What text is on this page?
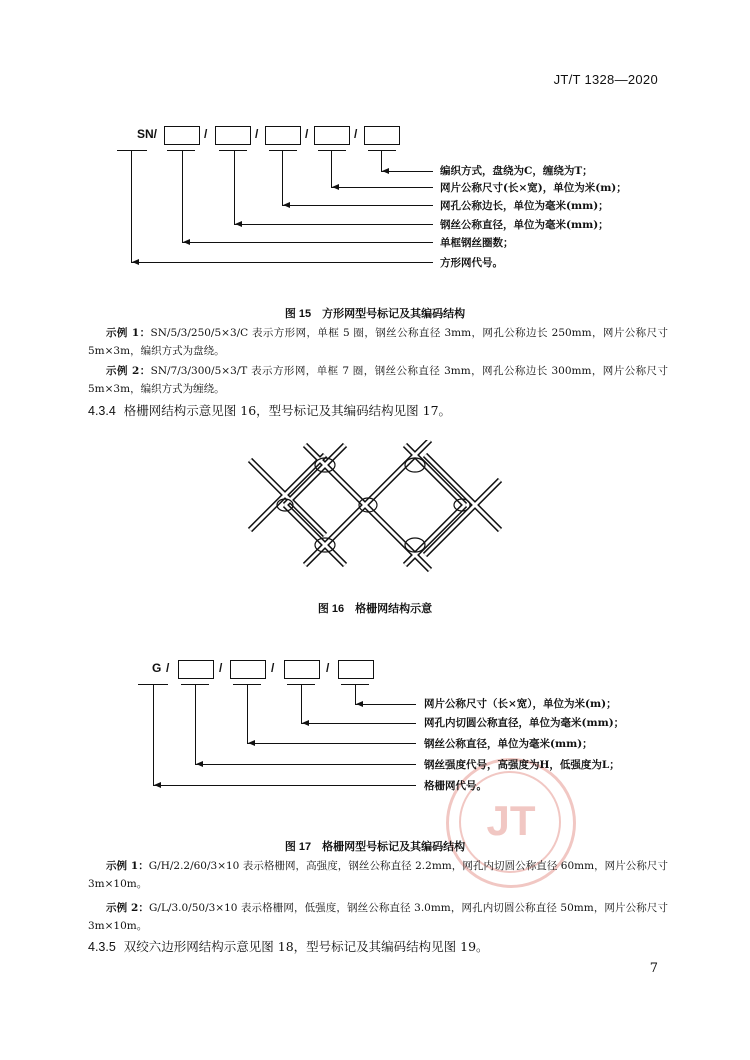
JT/T 1328—2020
SN/	/	/	/	/
编织方式，盘绕为C，缠绕为T；
网片公称尺寸(长×宽)，单位为米(m)；
网孔公称边长，单位为毫米(mm)；
钢丝公称直径，单位为毫米(mm)；
单框钢丝圈数；
方形网代号。
图 15　方形网型号标记及其编码结构
示例 1：SN/5/3/250/5×3/C 表示方形网，单框 5 圈，钢丝公称直径 3mm，网孔公称边长 250mm，网片公称尺寸 5m×3m，编织方式为盘绕。
示例 2：SN/7/3/300/5×3/T 表示方形网，单框 7 圈，钢丝公称直径 3mm，网孔公称边长 300mm，网片公称尺寸 5m×3m，编织方式为缠绕。
4.3.4 格栅网结构示意见图 16，型号标记及其编码结构见图 17。
图 16　格栅网结构示意
JT
G /	/	/	/
网片公称尺寸（长×宽），单位为米(m)；
网孔内切圆公称直径，单位为毫米(mm)；
钢丝公称直径，单位为毫米(mm)；
钢丝强度代号，高强度为H，低强度为L；
格栅网代号。
图 17　格栅网型号标记及其编码结构
示例 1：G/H/2.2/60/3×10 表示格栅网，高强度，钢丝公称直径 2.2mm，网孔内切圆公称直径 60mm，网片公称尺寸 3m×10m。
示例 2：G/L/3.0/50/3×10 表示格栅网，低强度，钢丝公称直径 3.0mm，网孔内切圆公称直径 50mm，网片公称尺寸 3m×10m。
4.3.5 双绞六边形网结构示意见图 18，型号标记及其编码结构见图 19。
7
